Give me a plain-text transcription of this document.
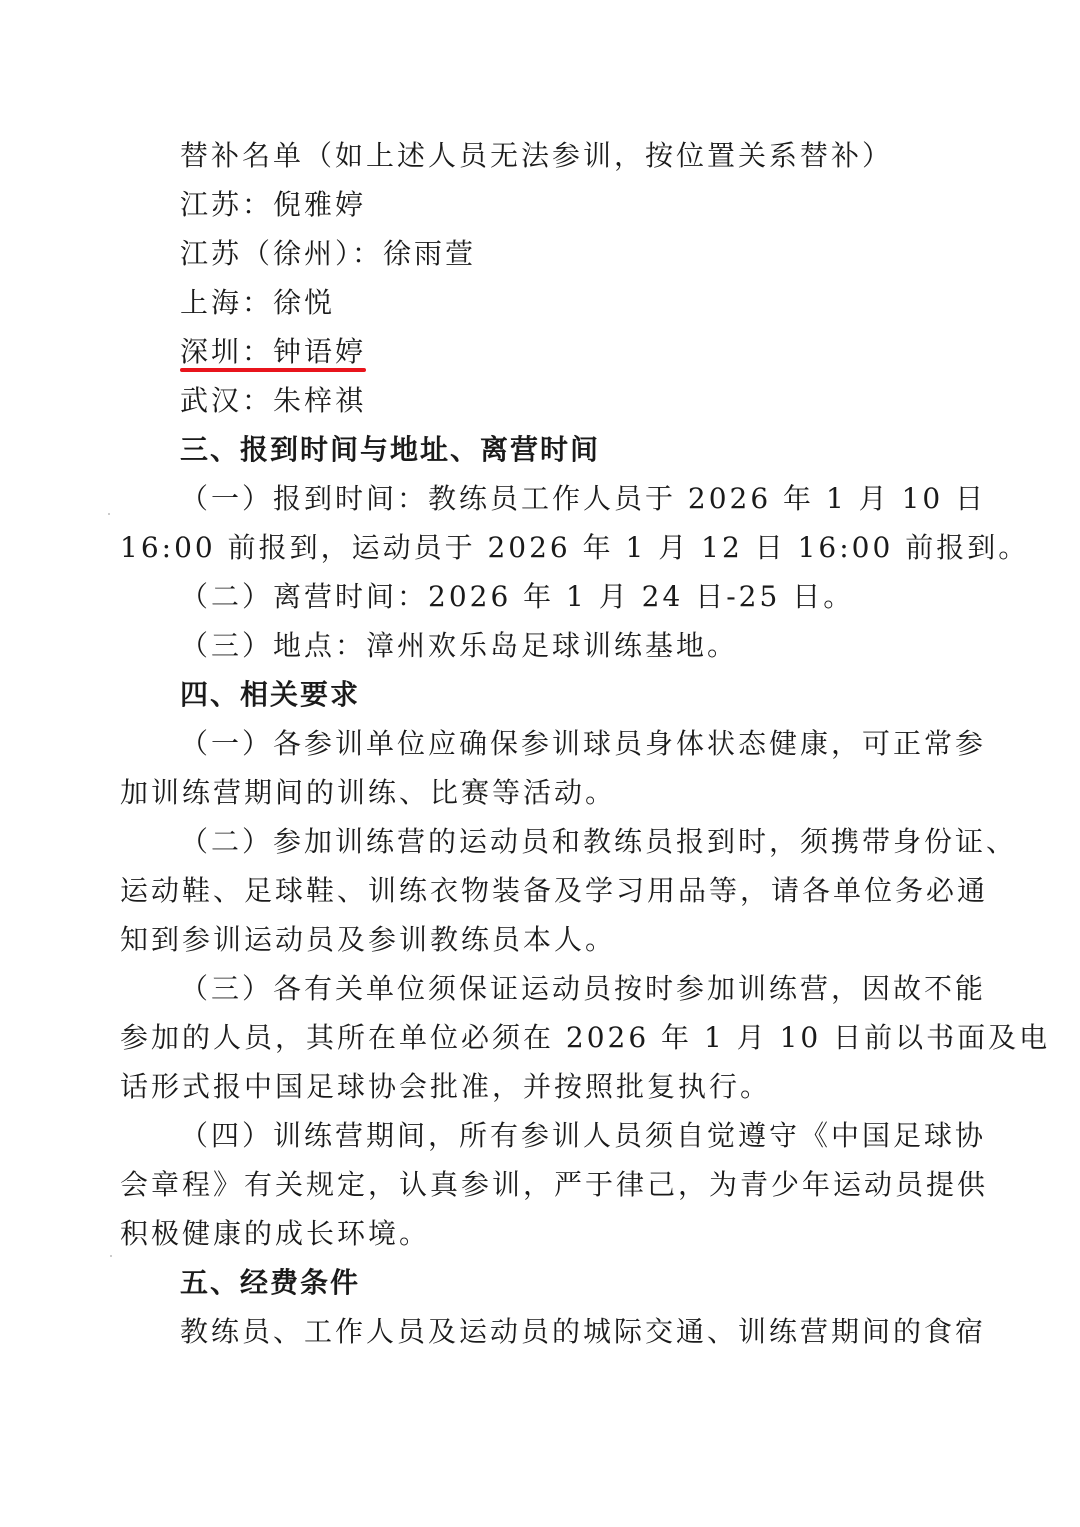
替补名单（如上述人员无法参训，按位置关系替补）
江苏：倪雅婷
江苏（徐州）：徐雨萱
上海：徐悦
深圳：钟语婷
武汉：朱梓祺
三、报到时间与地址、离营时间
（一）报到时间：教练员工作人员于 2026 年 1 月 10 日
16:00 前报到，运动员于 2026 年 1 月 12 日 16:00 前报到。
（二）离营时间：2026 年 1 月 24 日-25 日。
（三）地点：漳州欢乐岛足球训练基地。
四、相关要求
（一）各参训单位应确保参训球员身体状态健康，可正常参
加训练营期间的训练、比赛等活动。
（二）参加训练营的运动员和教练员报到时，须携带身份证、
运动鞋、足球鞋、训练衣物装备及学习用品等，请各单位务必通
知到参训运动员及参训教练员本人。
（三）各有关单位须保证运动员按时参加训练营，因故不能
参加的人员，其所在单位必须在 2026 年 1 月 10 日前以书面及电
话形式报中国足球协会批准，并按照批复执行。
（四）训练营期间，所有参训人员须自觉遵守《中国足球协
会章程》有关规定，认真参训，严于律己，为青少年运动员提供
积极健康的成长环境。
五、经费条件
教练员、工作人员及运动员的城际交通、训练营期间的食宿
